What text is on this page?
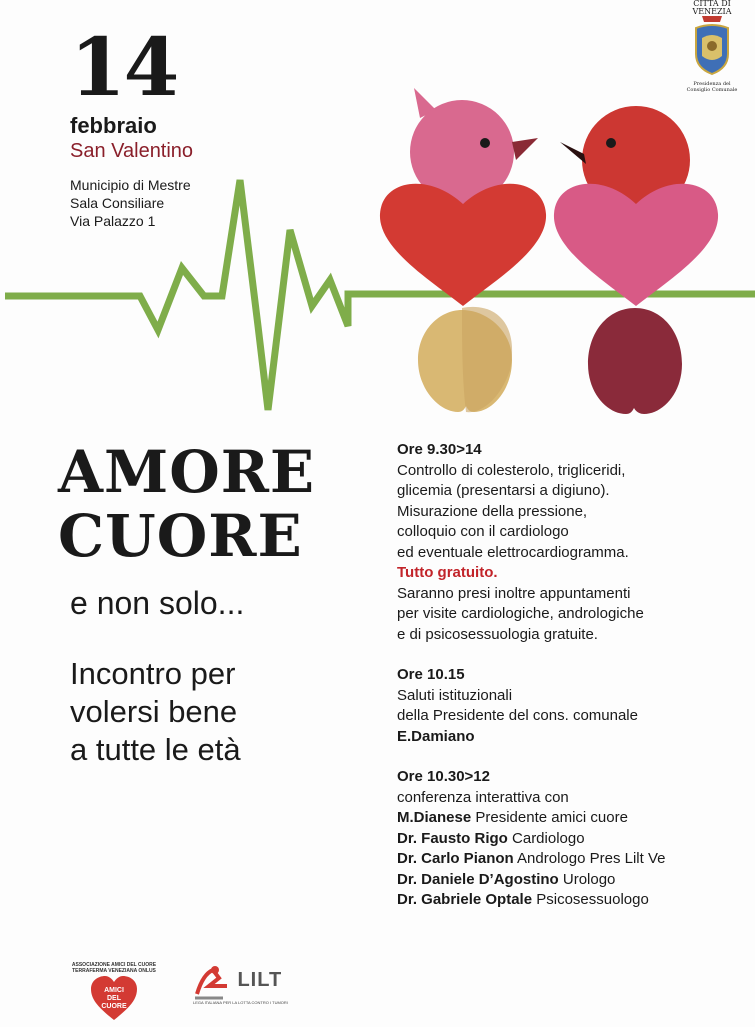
14
febbraio
San Valentino
Municipio di Mestre
Sala Consiliare
Via Palazzo 1
CITTÀ DI
VENEZIA
Presidenza del
Consiglio Comunale
AMORE
CUORE
e non solo...
Incontro per
volersi bene
a tutte le età
Ore 9.30>14
Controllo di colesterolo, trigliceridi,
glicemia (presentarsi a digiuno).
Misurazione della pressione,
colloquio con il cardiologo
ed eventuale elettrocardiogramma.
Tutto gratuito.
Saranno presi inoltre appuntamenti
per visite cardiologiche, andrologiche
e di psicosessuologia gratuite.
Ore 10.15
Saluti istituzionali
della Presidente del cons. comunale
E.Damiano
Ore 10.30>12
conferenza interattiva con
M.Dianese Presidente amici cuore
Dr. Fausto Rigo Cardiologo
Dr. Carlo Pianon Andrologo Pres Lilt Ve
Dr. Daniele D’Agostino Urologo
Dr. Gabriele Optale Psicosessuologo
ASSOCIAZIONE AMICI DEL CUORE
TERRAFERMA VENEZIANA ONLUS
AMICI
DEL
CUORE
LILT
LEGA ITALIANA PER LA LOTTA CONTRO I TUMORI
